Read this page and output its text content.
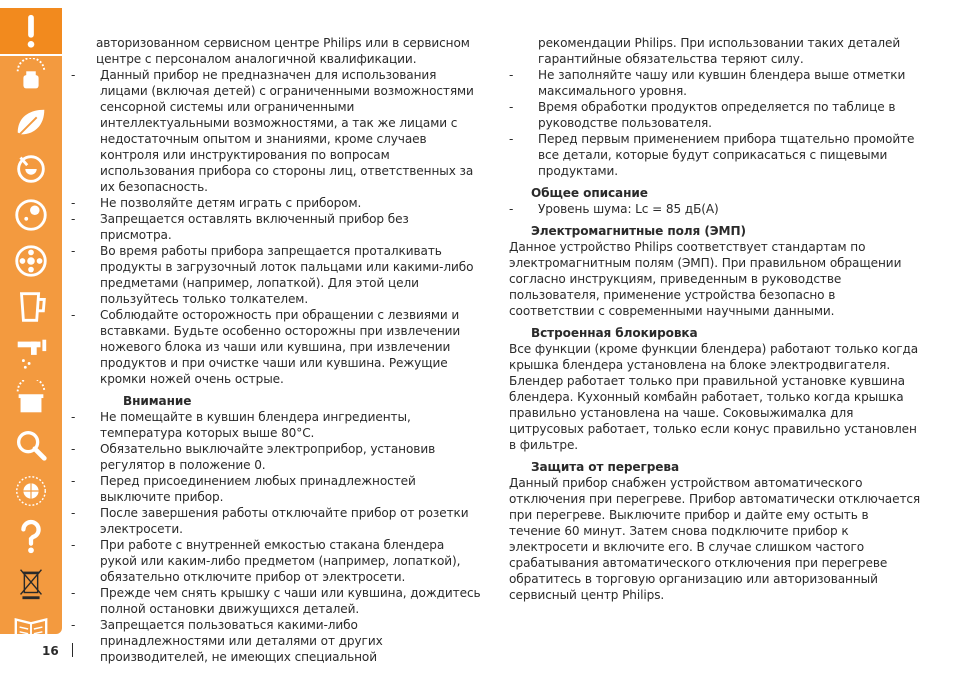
авторизованном сервисном центре Philips или в сервисном
центре с персоналом аналогичной квалификации.
-	Данный прибор не предназначен для использования лицами (включая детей) с ограниченными возможностями сенсорной системы или ограниченными интеллектуальными возможностями, а так же лицами с недостаточным опытом и знаниями, кроме случаев контроля или инструктирования по вопросам использования прибора со стороны лиц, ответственных за их безопасность.
-	Не позволяйте детям играть с прибором.
-	Запрещается оставлять включенный прибор без присмотра.
-	Во время работы прибора запрещается проталкивать продукты в загрузочный лоток пальцами или какими-либо предметами (например, лопаткой). Для этой цели пользуйтесь только толкателем.
-	Соблюдайте осторожность при обращении с лезвиями и вставками. Будьте особенно осторожны при извлечении ножевого блока из чаши или кувшина, при извлечении продуктов и при очистке чаши или кувшина. Режущие кромки ножей очень острые.
Внимание
-	Не помещайте в кувшин блендера ингредиенты, температура которых выше 80°C.
-	Обязательно выключайте электроприбор, установив регулятор в положение 0.
-	Перед присоединением любых принадлежностей выключите прибор.
-	После завершения работы отключайте прибор от розетки электросети.
-	При работе с внутренней емкостью стакана блендера рукой или каким-либо предметом (например, лопаткой), обязательно отключите прибор от электросети.
-	Прежде чем снять крышку с чаши или кувшина, дождитесь полной остановки движущихся деталей.
-	Запрещается пользоваться какими-либо принадлежностями или деталями от других производителей, не имеющих специальной
рекомендации Philips. При использовании таких деталей
гарантийные обязательства теряют силу.
-	Не заполняйте чашу или кувшин блендера выше отметки максимального уровня.
-	Время обработки продуктов определяется по таблице в руководстве пользователя.
-	Перед первым применением прибора тщательно промойте все детали, которые будут соприкасаться с пищевыми продуктами.
Общее описание
-	Уровень шума: Lc = 85 дБ(А)
Электромагнитные поля (ЭМП)
Данное устройство Philips соответствует стандартам по электромагнитным полям (ЭМП). При правильном обращении согласно инструкциям, приведенным в руководстве пользователя, применение устройства безопасно в соответствии с современными научными данными.
Встроенная блокировка
Все функции (кроме функции блендера) работают только когда крышка блендера установлена на блоке электродвигателя. Блендер работает только при правильной установке кувшина блендера. Кухонный комбайн работает, только когда крышка правильно установлена на чаше. Соковыжималка для цитрусовых работает, только если конус правильно установлен в фильтре.
Защита от перегрева
Данный прибор снабжен устройством автоматического отключения при перегреве. Прибор автоматически отключается при перегреве. Выключите прибор и дайте ему остыть в течение 60 минут. Затем снова подключите прибор к электросети и включите его. В случае слишком частого срабатывания автоматического отключения при перегреве обратитесь в торговую организацию или авторизованный сервисный центр Philips.
16
